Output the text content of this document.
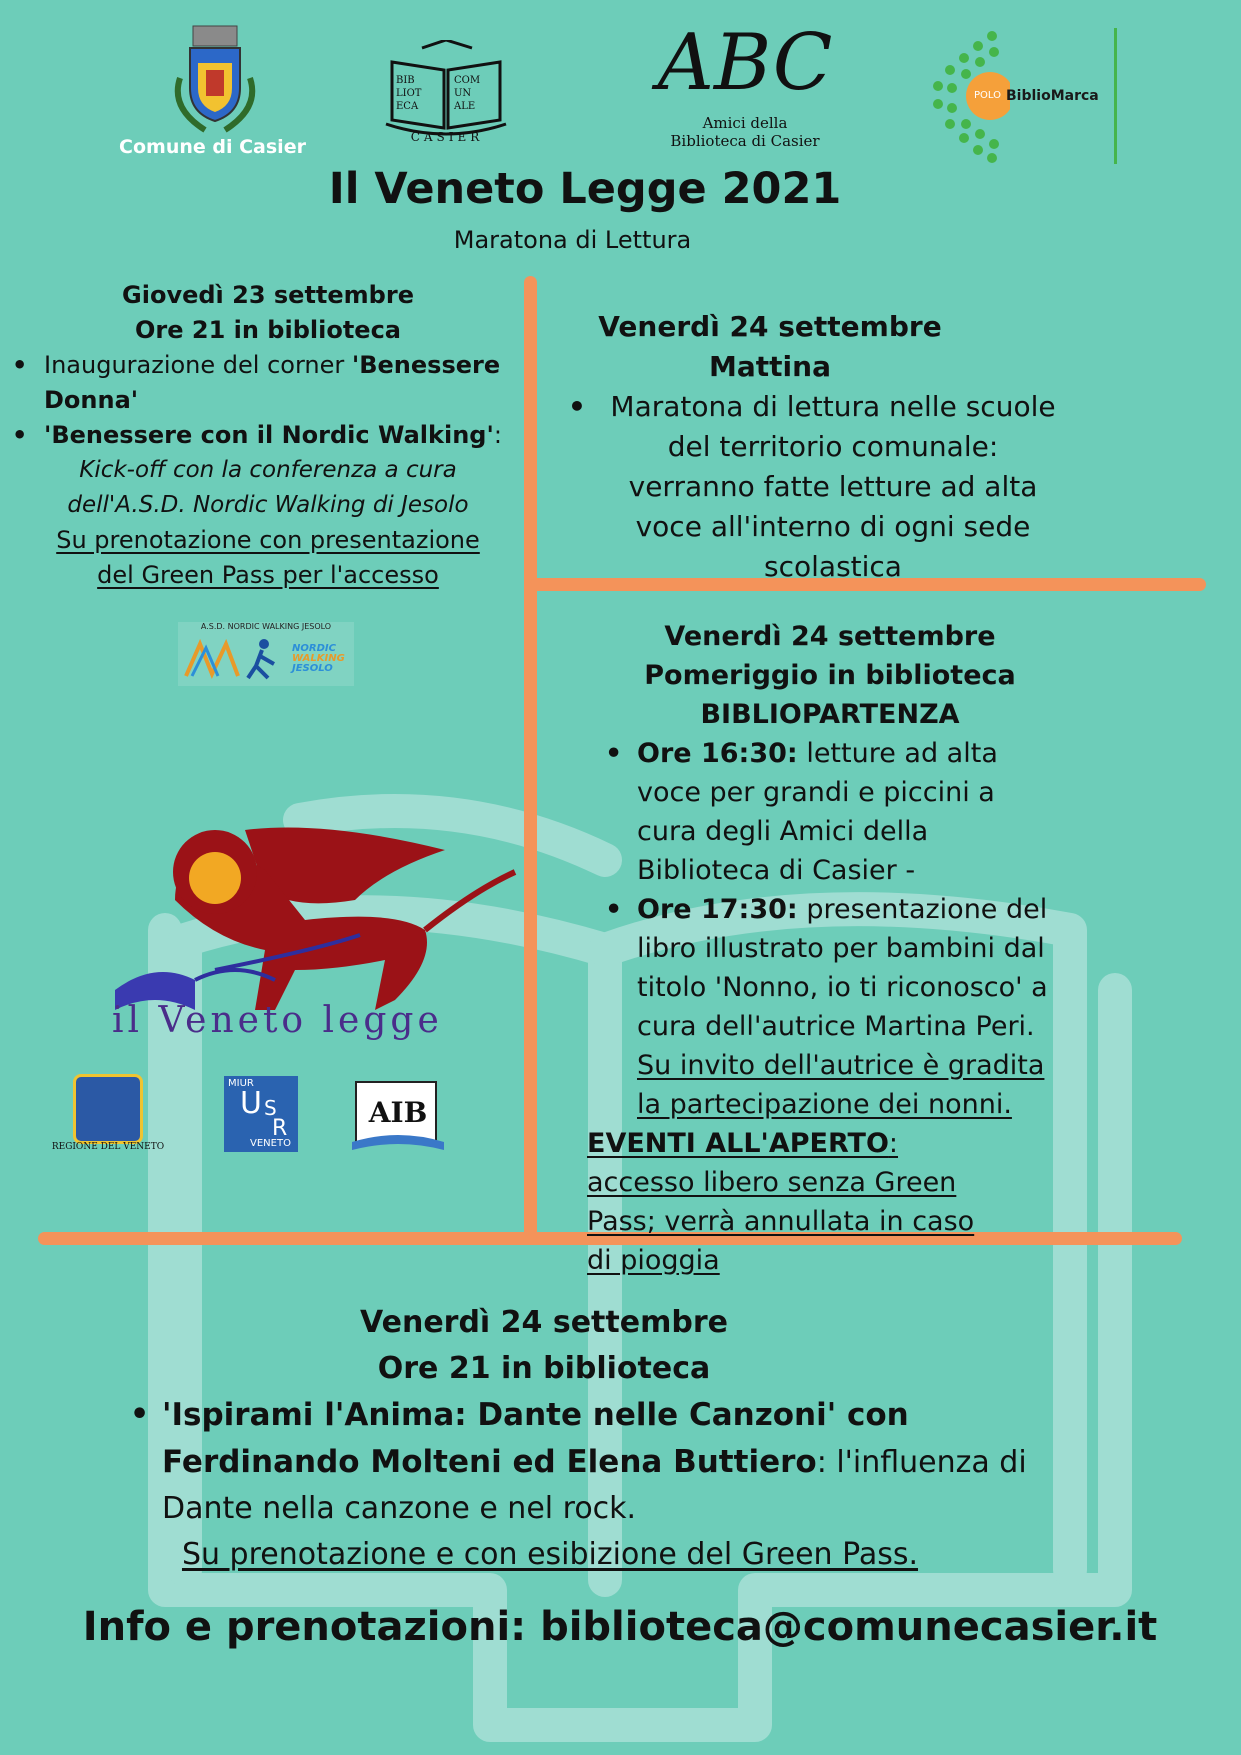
Comune di Casier
BIB
LIOT
ECA
COM
UN
ALE
CASIER
ABC
Amici della
Biblioteca di Casier
POLO BiblioMarca
Il Veneto Legge 2021
Maratona di Lettura
Giovedì 23 settembre
Ore 21 in biblioteca
• Inaugurazione del corner 'Benessere Donna'
• 'Benessere con il Nordic Walking':
Kick-off con la conferenza a cura dell'A.S.D. Nordic Walking di Jesolo
Su prenotazione con presentazione del Green Pass per l'accesso
A.S.D. NORDIC WALKING JESOLO
NORDIC
WALKING
JESOLO
il Veneto legge
REGIONE DEL VENETO
MIUR
U S
R
VENETO
AIB
Venerdì 24 settembre
Mattina
• Maratona di lettura nelle scuole del territorio comunale: verranno fatte letture ad alta voce all'interno di ogni sede scolastica
Venerdì 24 settembre
Pomeriggio in biblioteca
BIBLIOPARTENZA
• Ore 16:30: letture ad alta voce per grandi e piccini a cura degli Amici della Biblioteca di Casier -
• Ore 17:30: presentazione del libro illustrato per bambini dal titolo 'Nonno, io ti riconosco' a cura dell'autrice Martina Peri. Su invito dell'autrice è gradita la partecipazione dei nonni.
EVENTI ALL'APERTO: accesso libero senza Green Pass; verrà annullata in caso di pioggia
Venerdì 24 settembre
Ore 21 in biblioteca
• 'Ispirami l'Anima: Dante nelle Canzoni' con Ferdinando Molteni ed Elena Buttiero: l'influenza di Dante nella canzone e nel rock.
Su prenotazione e con esibizione del Green Pass.
Info e prenotazioni: biblioteca@comunecasier.it
